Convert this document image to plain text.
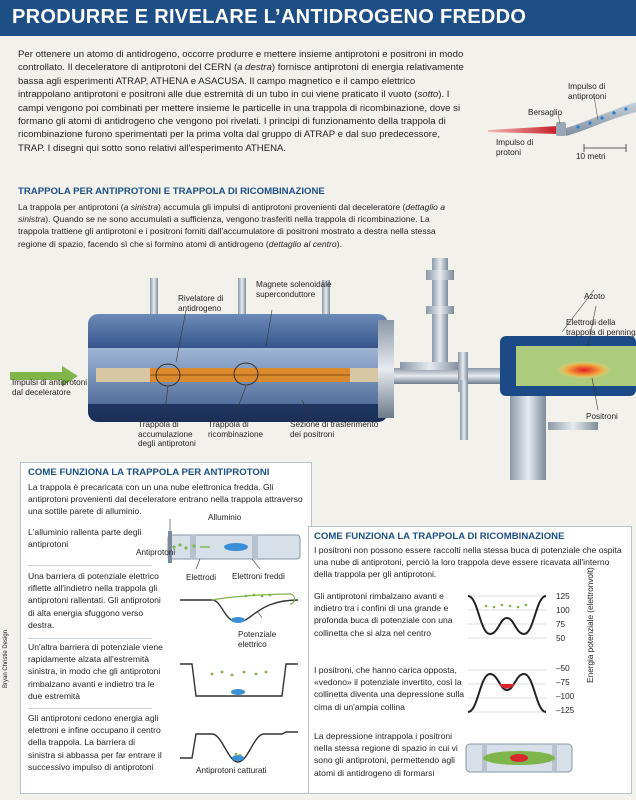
PRODURRE E RIVELARE L’ANTIDROGENO FREDDO
Per ottenere un atomo di antidrogeno, occorre produrre e mettere insieme antiprotoni e positroni in modo controllato. Il deceleratore di antiprotoni del CERN (a destra) fornisce antiprotoni di energia relativamente bassa agli esperimenti ATRAP, ATHENA e ASACUSA. Il campo magnetico e il campo elettrico intrappolano antiprotoni e positroni alle due estremità di un tubo in cui viene praticato il vuoto (sotto). I campi vengono poi combinati per mettere insieme le particelle in una trappola di ricombinazione, dove si formano gli atomi di antidrogeno che vengono poi rivelati. I principi di funzionamento della trappola di ricombinazione furono sperimentati per la prima volta dal gruppo di ATRAP e dal suo predecessore, TRAP. I disegni qui sotto sono relativi all'esperimento ATHENA.
Impulso di antiprotoni
Bersaglio
Impulso di protoni	10 metri
TRAPPOLA PER ANTIPROTONI E TRAPPOLA DI RICOMBINAZIONE
La trappola per antiprotoni (a sinistra) accumula gli impulsi di antiprotoni provenienti dal deceleratore (dettaglio a sinistra). Quando se ne sono accumulati a sufficienza, vengono trasferiti nella trappola di ricombinazione. La trappola trattiene gli antiprotoni e i positroni forniti dall'accumulatore di positroni mostrato a destra nella stessa regione di spazio, facendo sì che si formino atomi di antidrogeno (dettaglio al centro).
Rivelatore di antidrogeno
Magnete solenoidale superconduttore	Azoto
Elettrodi della trappola di penning
Impulsi di antiprotoni dal deceleratore
Trappola di accumulazione degli antiprotoni
Trappola di ricombinazione
Sezione di trasferimento dei positroni
Positroni
COME FUNZIONA LA TRAPPOLA PER ANTIPROTONI
La trappola è precaricata con un una nube elettronica fredda. Gli antiprotoni provenienti dal deceleratore entrano nella trappola attraverso una sottile parete di alluminio.
L'alluminio rallenta parte degli antiprotoni
Alluminio
Antiprotoni
Elettrodi Elettroni freddi
Una barriera di potenziale elettrico riflette all'indietro nella trappola gli antiprotoni rallentati. Gli antiprotoni di alta energia sfuggono verso destra.
Potenziale elettrico
Un'altra barriera di potenziale viene rapidamente alzata all'estremità sinistra, in modo che gli antiprotoni rimbalzano avanti e indietro tra le due estremità
Gli antiprotoni cedono energia agli elettroni e infine occupano il centro della trappola. La barriera di sinistra si abbassa per far entrare il successivo impulso di antiprotoni	Antiprotoni catturati
Bryan Christie Design
COME FUNZIONA LA TRAPPOLA DI RICOMBINAZIONE
I positroni non possono essere raccolti nella stessa buca di potenziale che ospita una nube di antiprotoni, perciò la loro trappola deve essere ricavata all'interno della trappola per gli antiprotoni.
Gli antiprotoni rimbalzano avanti e indietro tra i confini di una grande e profonda buca di potenziale con una collinetta che si alza nel centro
125
100
75
50
I positroni, che hanno carica opposta, «vedono» il potenziale invertito, così la collinetta diventa una depressione sulla cima di un'ampia collina
–50
–75
–100
–125
Energia potenziale (elettronvolt)
La depressione intrappola i positroni nella stessa regione di spazio in cui vi sono gli antiprotoni, permettendo agli atomi di antidrogeno di formarsi
